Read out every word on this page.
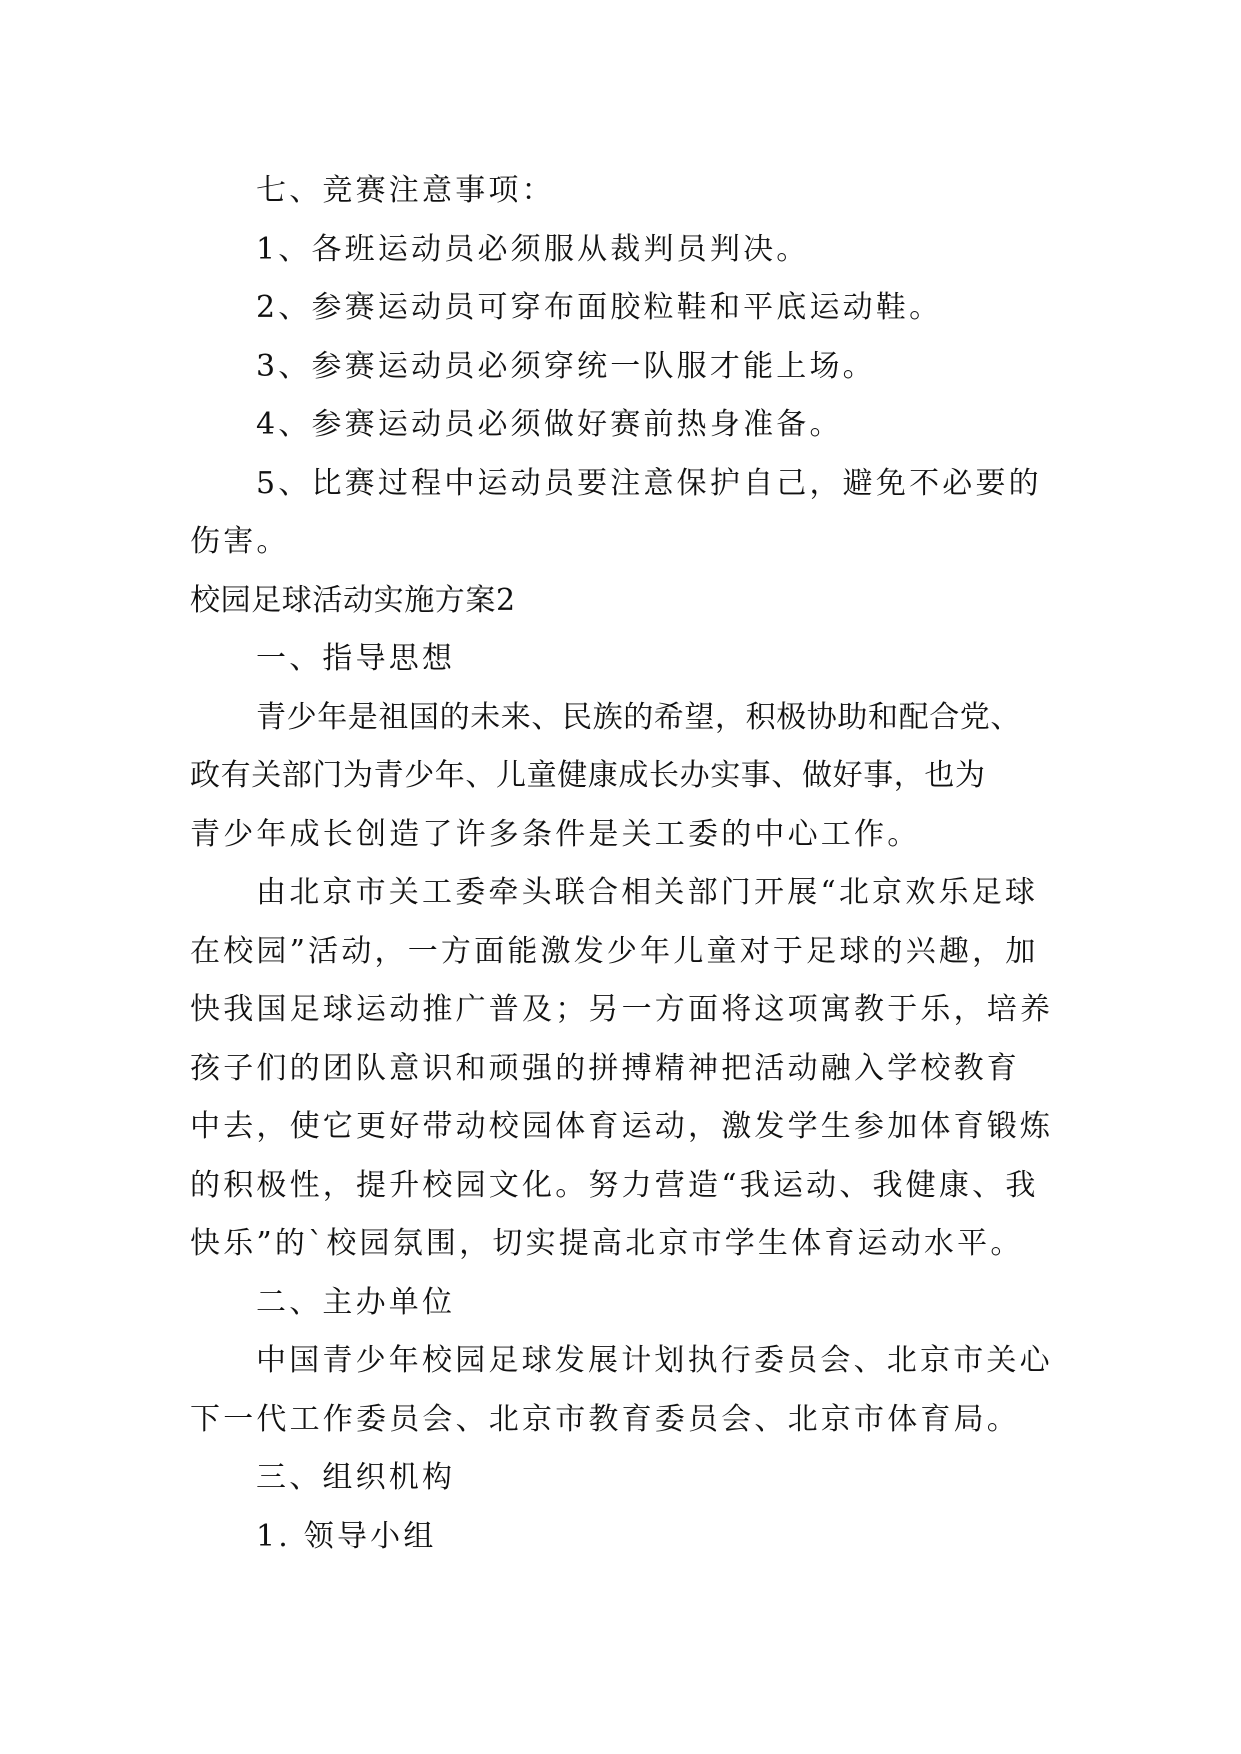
七、竞赛注意事项：
1、各班运动员必须服从裁判员判决。
2、参赛运动员可穿布面胶粒鞋和平底运动鞋。
3、参赛运动员必须穿统一队服才能上场。
4、参赛运动员必须做好赛前热身准备。
5、比赛过程中运动员要注意保护自己，避免不必要的
伤害。
校园足球活动实施方案2
一、指导思想
青少年是祖国的未来、民族的希望，积极协助和配合党、
政有关部门为青少年、儿童健康成长办实事、做好事，也为
青少年成长创造了许多条件是关工委的中心工作。
由北京市关工委牵头联合相关部门开展“北京欢乐足球
在校园”活动，一方面能激发少年儿童对于足球的兴趣，加
快我国足球运动推广普及；另一方面将这项寓教于乐，培养
孩子们的团队意识和顽强的拼搏精神把活动融入学校教育
中去，使它更好带动校园体育运动，激发学生参加体育锻炼
的积极性，提升校园文化。努力营造“我运动、我健康、我
快乐”的`校园氛围，切实提高北京市学生体育运动水平。
二、主办单位
中国青少年校园足球发展计划执行委员会、北京市关心
下一代工作委员会、北京市教育委员会、北京市体育局。
三、组织机构
1. 领导小组
